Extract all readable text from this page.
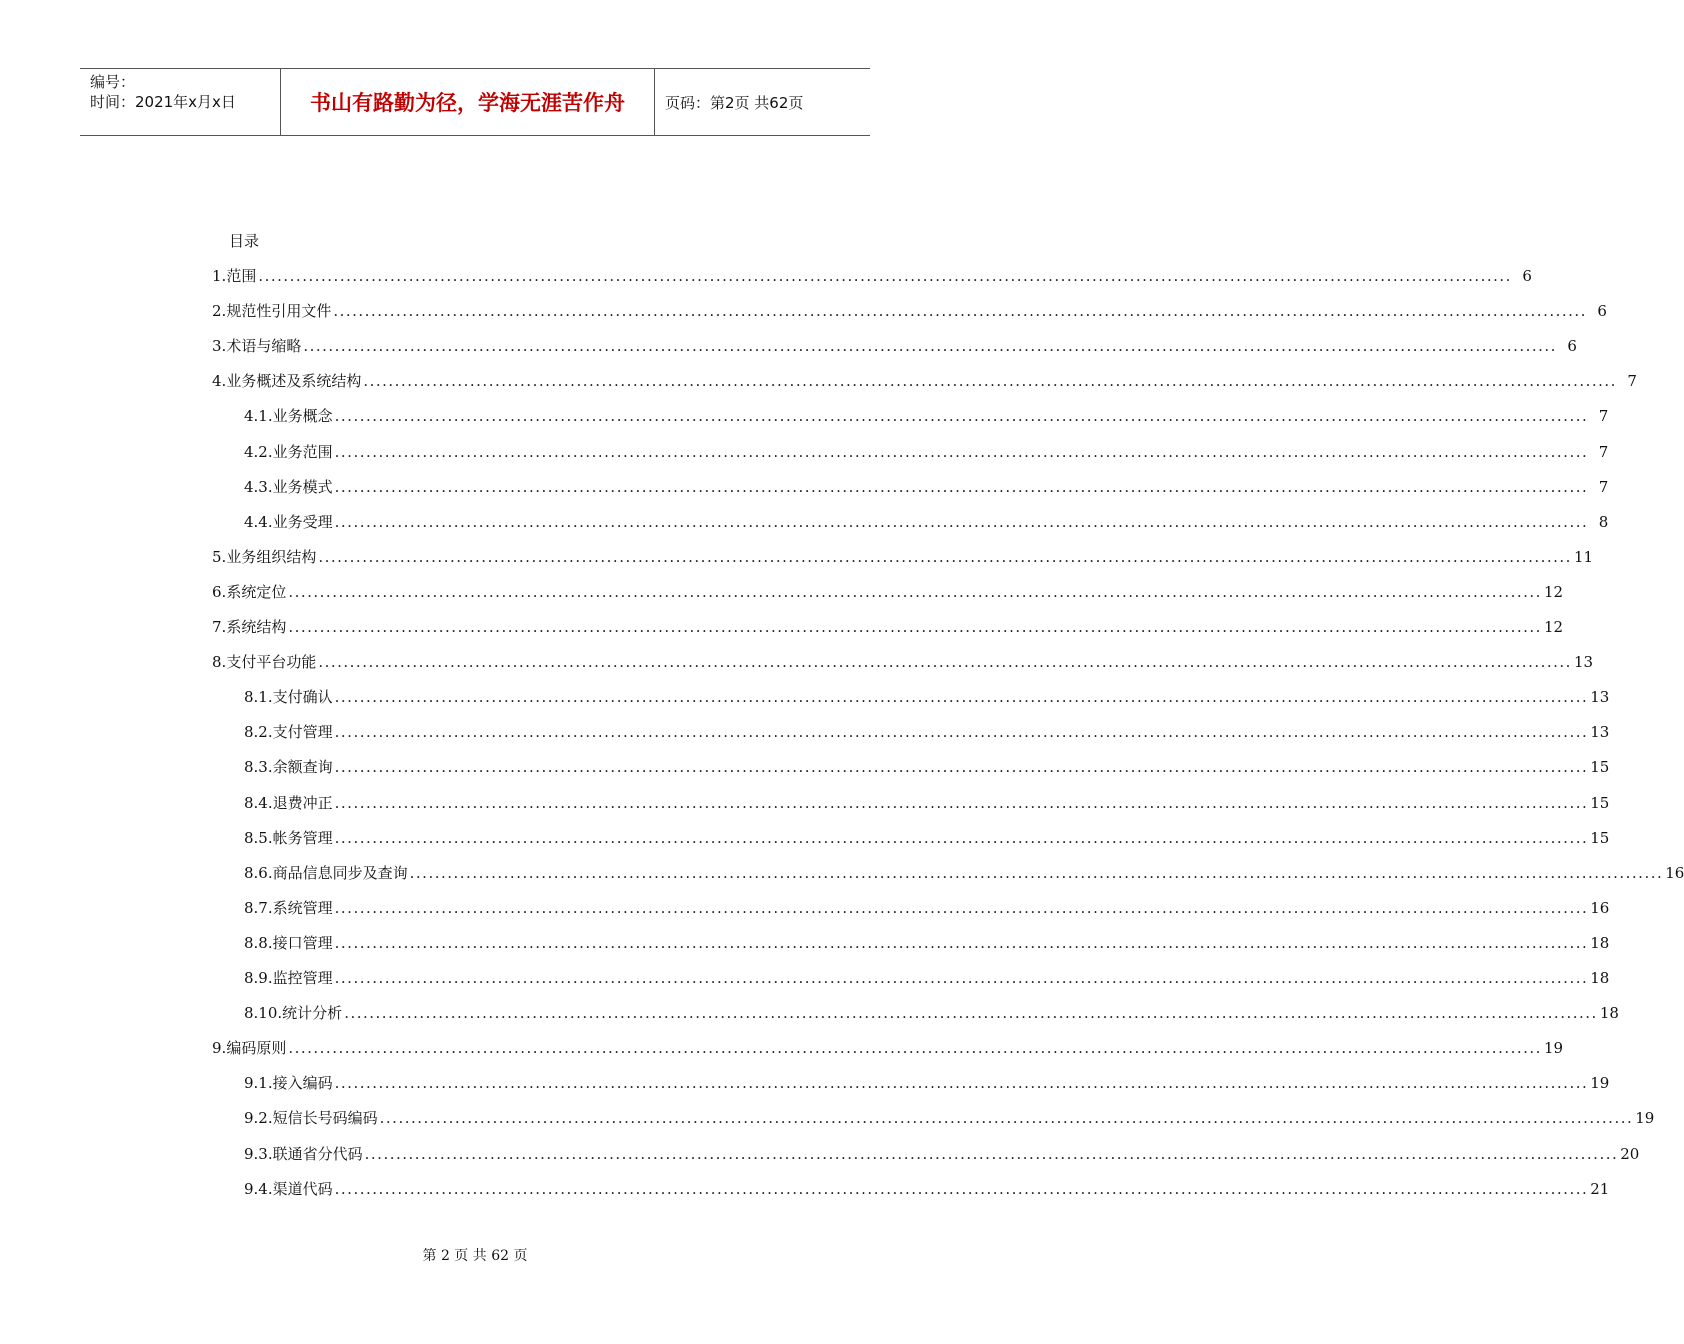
编号：
时间：2021年x月x日	书山有路勤为径，学海无涯苦作舟	页码：第2页 共62页
目录
1. 范围 ........................................................................................................................................................................................................ 6
2. 规范性引用文件 ........................................................................................................................................................................................................ 6
3. 术语与缩略 ........................................................................................................................................................................................................ 6
4. 业务概述及系统结构 ........................................................................................................................................................................................................ 7
4.1. 业务概念 ........................................................................................................................................................................................................ 7
4.2. 业务范围 ........................................................................................................................................................................................................ 7
4.3. 业务模式 ........................................................................................................................................................................................................ 7
4.4. 业务受理 ........................................................................................................................................................................................................ 8
5. 业务组织结构 ........................................................................................................................................................................................................ 11
6. 系统定位 ........................................................................................................................................................................................................ 12
7. 系统结构 ........................................................................................................................................................................................................ 12
8. 支付平台功能 ........................................................................................................................................................................................................ 13
8.1. 支付确认 ........................................................................................................................................................................................................ 13
8.2. 支付管理 ........................................................................................................................................................................................................ 13
8.3. 余额查询 ........................................................................................................................................................................................................ 15
8.4. 退费冲正 ........................................................................................................................................................................................................ 15
8.5. 帐务管理 ........................................................................................................................................................................................................ 15
8.6. 商品信息同步及查询 ........................................................................................................................................................................................................ 16
8.7. 系统管理 ........................................................................................................................................................................................................ 16
8.8. 接口管理 ........................................................................................................................................................................................................ 18
8.9. 监控管理 ........................................................................................................................................................................................................ 18
8.10. 统计分析 ........................................................................................................................................................................................................ 18
9. 编码原则 ........................................................................................................................................................................................................ 19
9.1. 接入编码 ........................................................................................................................................................................................................ 19
9.2. 短信长号码编码 ........................................................................................................................................................................................................ 19
9.3. 联通省分代码 ........................................................................................................................................................................................................ 20
9.4. 渠道代码 ........................................................................................................................................................................................................ 21
第 2 页 共 62 页
